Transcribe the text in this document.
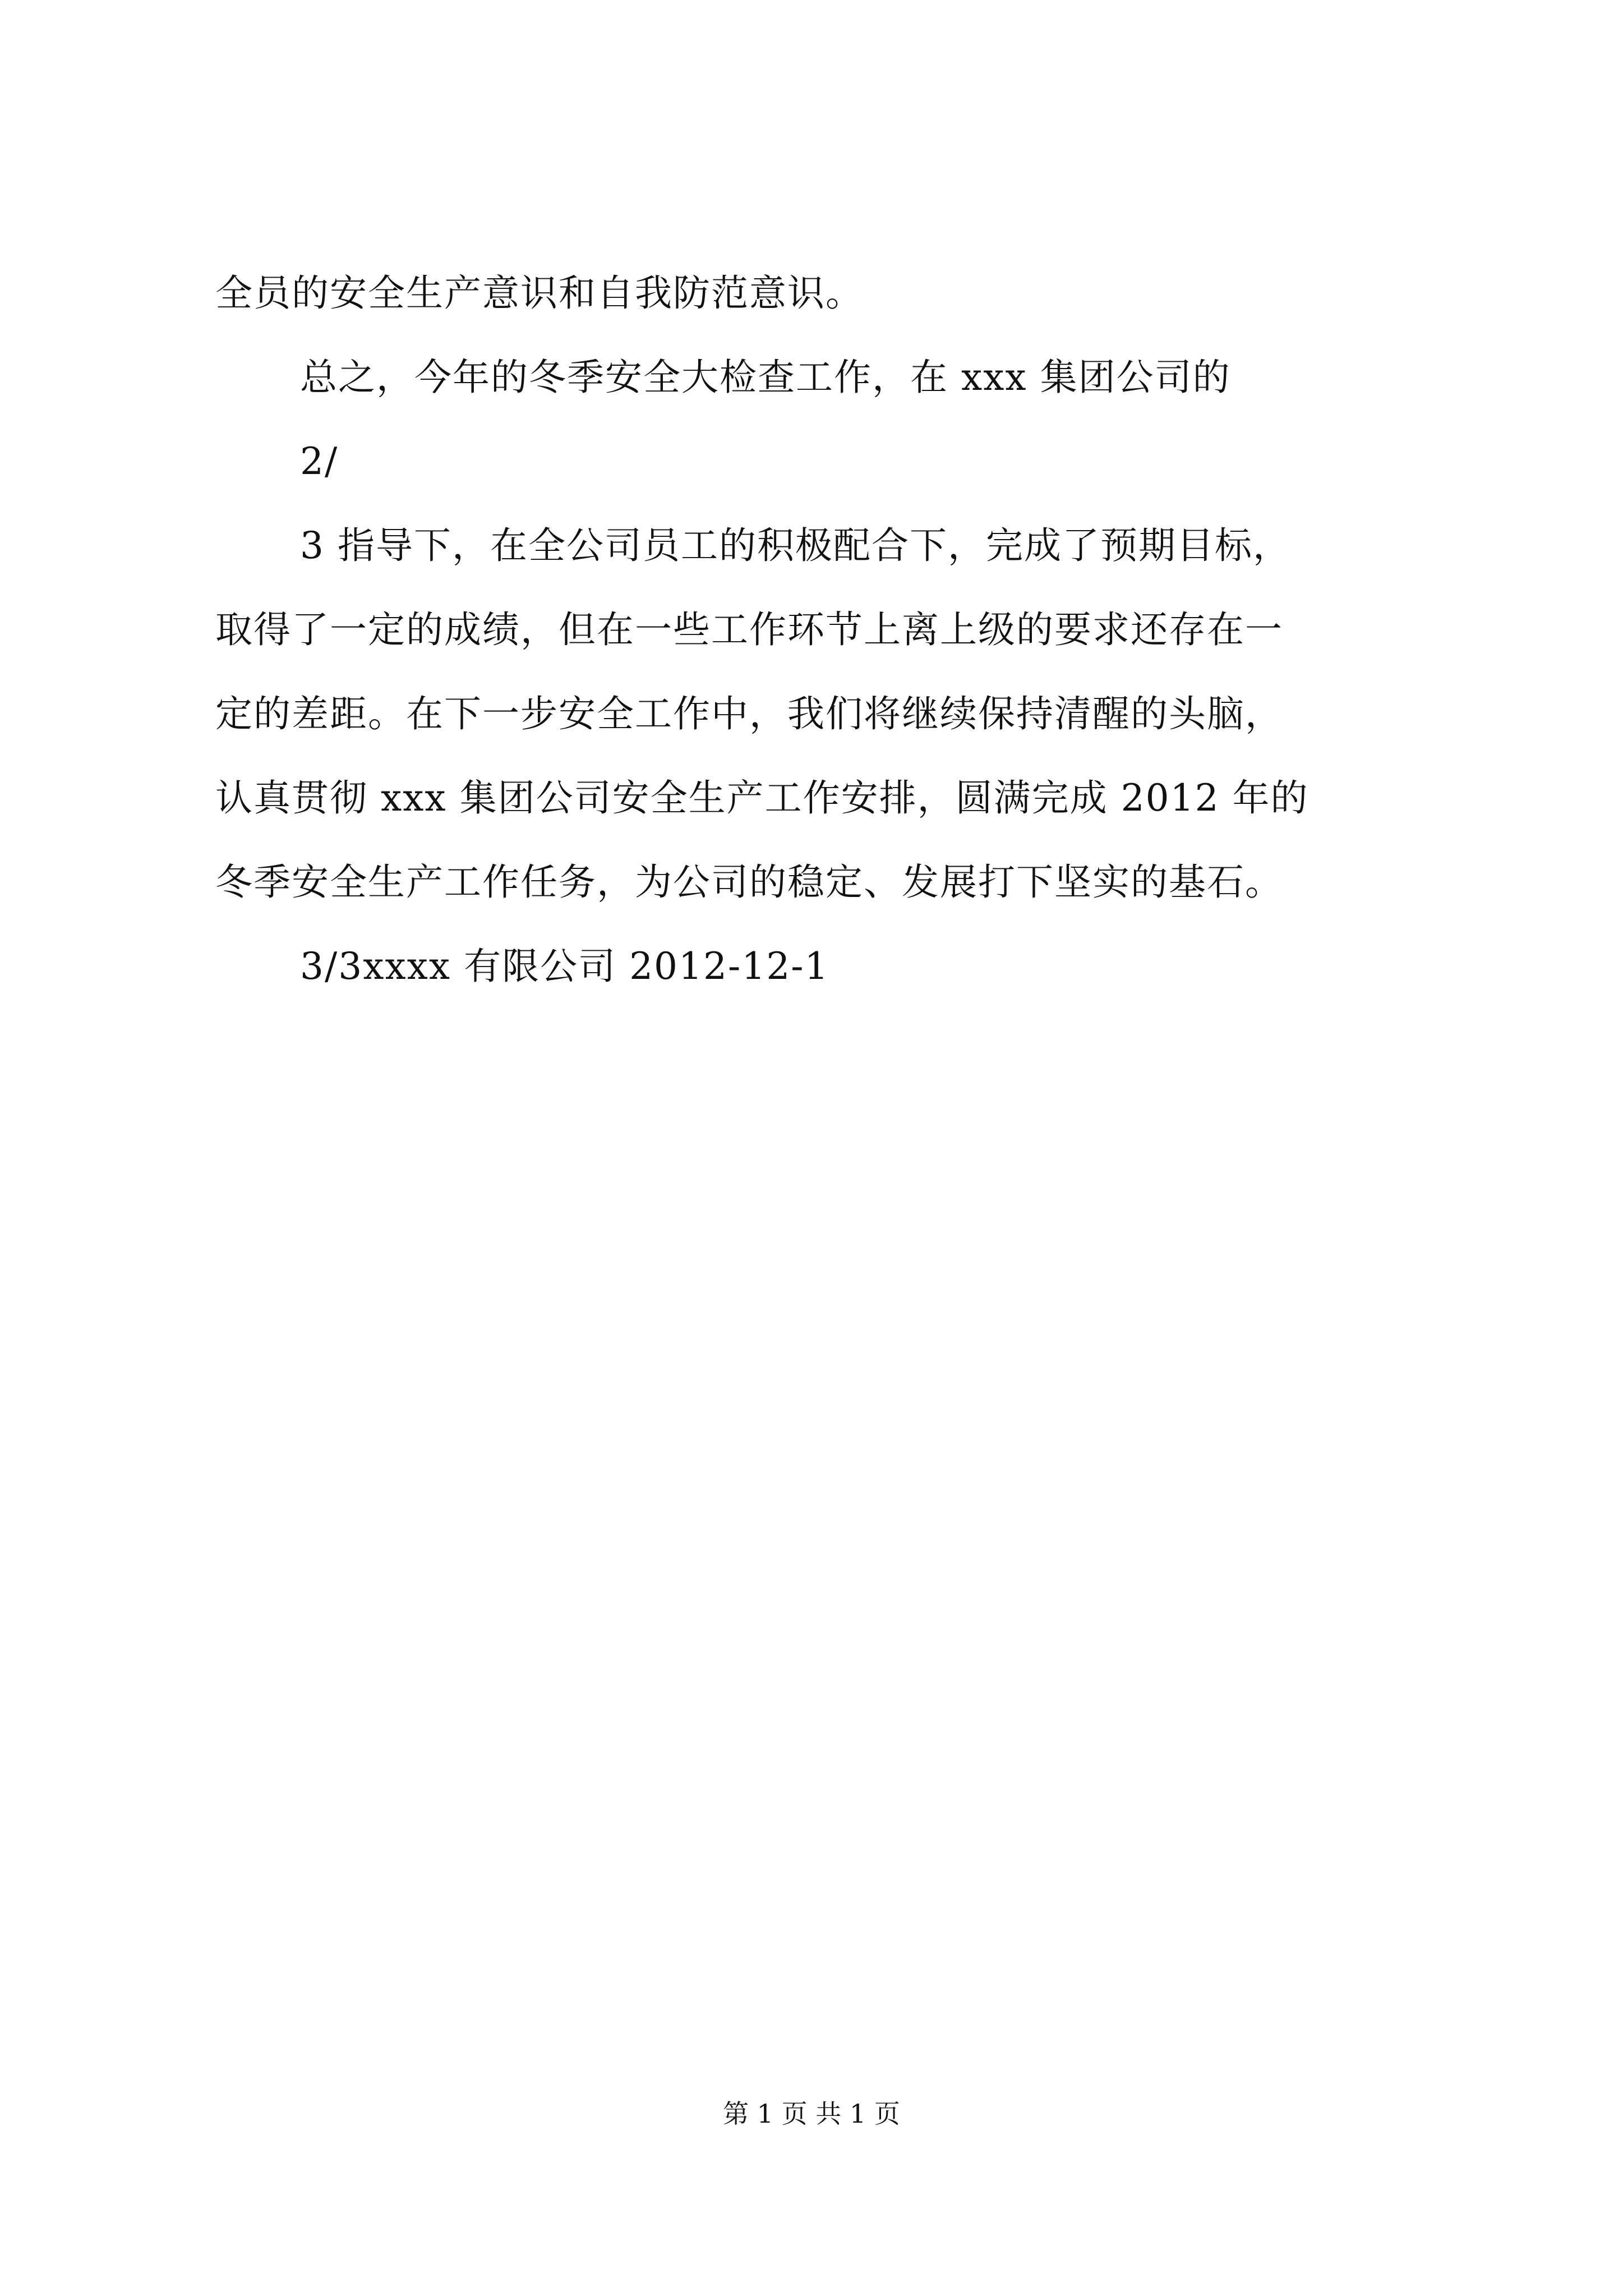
全员的安全生产意识和自我防范意识。
总之，今年的冬季安全大检查工作，在 xxx 集团公司的
2/
3 指导下，在全公司员工的积极配合下，完成了预期目标，
取得了一定的成绩，但在一些工作环节上离上级的要求还存在一
定的差距。在下一步安全工作中，我们将继续保持清醒的头脑，
认真贯彻 xxx 集团公司安全生产工作安排，圆满完成 2012 年的
冬季安全生产工作任务，为公司的稳定、发展打下坚实的基石。
3/3xxxx 有限公司 2012-12-1
第 1 页 共 1 页
